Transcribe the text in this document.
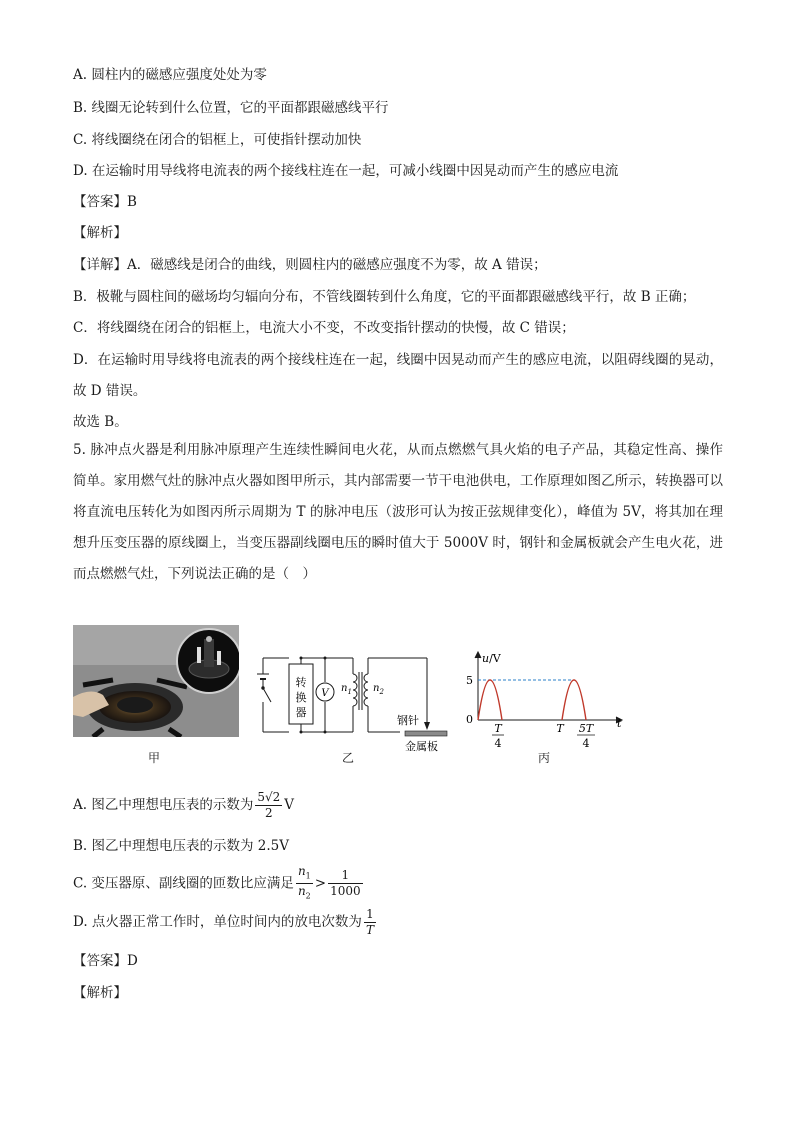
A. 圆柱内的磁感应强度处处为零
B. 线圈无论转到什么位置，它的平面都跟磁感线平行
C. 将线圈绕在闭合的铝框上，可使指针摆动加快
D. 在运输时用导线将电流表的两个接线柱连在一起，可减小线圈中因晃动而产生的感应电流
【答案】B
【解析】
【详解】A．磁感线是闭合的曲线，则圆柱内的磁感应强度不为零，故 A 错误；
B．极靴与圆柱间的磁场均匀辐向分布，不管线圈转到什么角度，它的平面都跟磁感线平行，故 B 正确；
C．将线圈绕在闭合的铝框上，电流大小不变，不改变指针摆动的快慢，故 C 错误；
D．在运输时用导线将电流表的两个接线柱连在一起，线圈中因晃动而产生的感应电流，以阻碍线圈的晃动，故 D 错误。
故选 B。
5. 脉冲点火器是利用脉冲原理产生连续性瞬间电火花，从而点燃燃气具火焰的电子产品，其稳定性高、操作简单。家用燃气灶的脉冲点火器如图甲所示，其内部需要一节干电池供电，工作原理如图乙所示，转换器可以将直流电压转化为如图丙所示周期为 T 的脉冲电压（波形可认为按正弦规律变化），峰值为 5V，将其加在理想升压变压器的原线圈上，当变压器副线圈电压的瞬时值大于 5000V 时，钢针和金属板就会产生电火花，进而点燃燃气灶，下列说法正确的是（　）
甲
转
换
器
V $n_1$ $n_2$
钢针
金属板
乙
u/V
5
0	t
T
4
T 5T
4
丙
A. 图乙中理想电压表的示数为 $\frac{5√2}{2}$ V
B. 图乙中理想电压表的示数为 2.5V
C. 变压器原、副线圈的匝数比应满足 $\frac{n_1}{n_2} > \frac{1}{1000}$
D. 点火器正常工作时，单位时间内的放电次数为 $\frac{1}{T}$
【答案】D
【解析】
